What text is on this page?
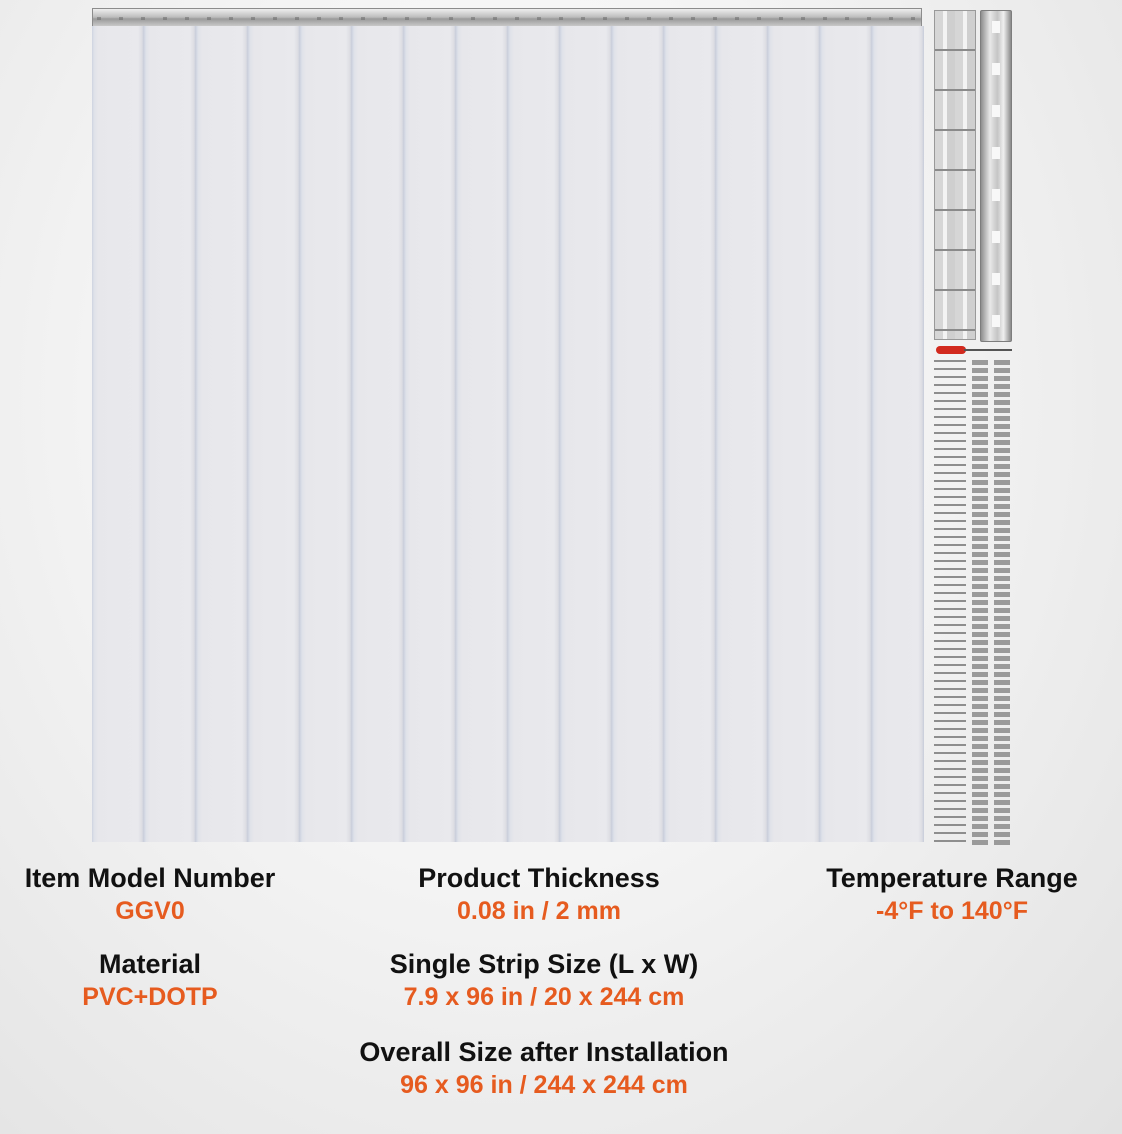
Item Model Number
GGV0
Material
PVC+DOTP
Product Thickness
0.08 in / 2 mm
Single Strip Size (L x W)
7.9 x 96 in / 20 x 244 cm
Overall Size after Installation
96 x 96 in / 244 x 244 cm
Temperature Range
-4°F to 140°F
